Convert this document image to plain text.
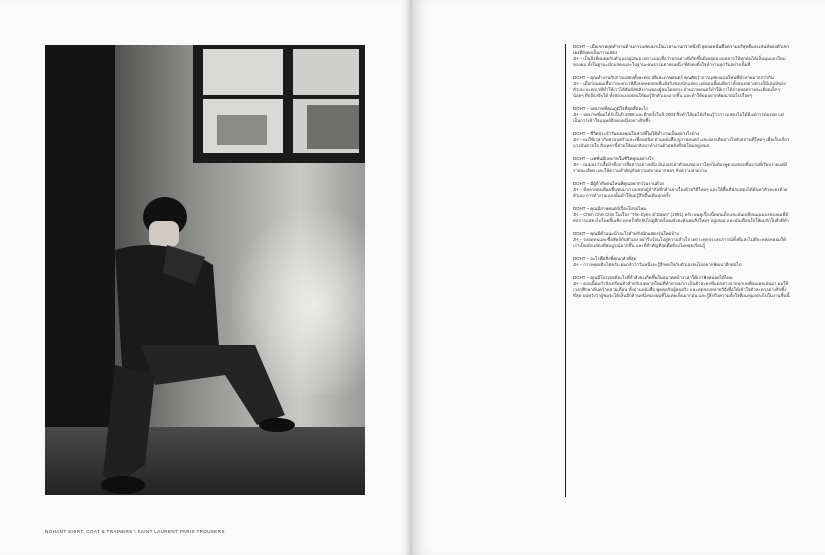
NOHANT SHIRT, COAT & TRAINERS \ SAINT LAURENT PARIS TROUSERS

DOHT – เมื่อเขาหยุดทำงานด้านการแสดงมาเป็นเวลานานกว่าหนึ่งปี สุดยอดนั้นคือความบริสุทธิ์และเสน่ห์ของตัวเขาเองที่ยังคงเป็นการแสดง

JH – เป็นสิ่งที่ผมคุยกับตัวเองอยู่เสมอ เพราะผมเชื่อว่าทุกอย่างที่เกิดขึ้นมีเหตุผล ผมอยากให้ทุกคนได้เห็นมุมมองใหม่ของผม ทั้งในฐานะนักแสดงและในฐานะคนธรรมดาคนหนึ่ง ที่ยังคงตั้งใจทำงานทุกวันอย่างเต็มที่

DOHT – คุณทำงานกับการแสดงทั้งละครเวทีและภาพยนตร์ คุณคิดว่าการแสดงแบบไหนที่ท้าทายมากกว่ากัน

JH – เมื่อก่อนผมเชื่อว่าละครเวทีคือบททดสอบที่แท้จริงของนักแสดง แต่ตอนนี้ผมคิดว่าทั้งสองอย่างต่างก็มีเสน่ห์ของตัวเอง ละครเวทีทำให้เราได้สัมผัสพลังงานของผู้ชมโดยตรง ส่วนภาพยนตร์ทำให้เราได้ถ่ายทอดรายละเอียดเล็กๆ น้อยๆ ที่กล้องจับได้ ทั้งสองแบบสอนให้ผมรู้จักตัวเองมากขึ้น และทำให้ผมอยากพัฒนาต่อไปเรื่อยๆ

DOHT – บทบาทที่คุณภูมิใจที่สุดคืออะไร

JH – บทบาทที่ผมได้รับในปี 1998 และอีกครั้งในปี 2003 ซึ่งทำให้ผมได้เรียนรู้ว่าการแสดงไม่ได้มีแค่การท่องบท แต่เป็นการเข้าใจมนุษย์อีกคนหนึ่งอย่างลึกซึ้ง

DOHT – ชีวิตประจำวันของคุณในช่วงที่ไม่ได้ทำงานเป็นอย่างไรบ้าง

JH – ผมใช้เวลากับครอบครัวและเพื่อนสนิท อ่านหนังสือ ดูภาพยนตร์ และออกเดินทางไปยังสถานที่ใหม่ๆ เพื่อเก็บเกี่ยวแรงบันดาลใจ สิ่งเหล่านี้ช่วยให้ผมกลับมาทำงานด้วยพลังที่สดใหม่อยู่เสมอ

DOHT – แฟชั่นมีบทบาทในชีวิตคุณอย่างไร

JH – ผมมองว่าเสื้อผ้าคือการสื่อสารอย่างหนึ่ง มันบอกเล่าตัวตนของเราโดยไม่ต้องพูด ผมชอบชิ้นงานที่เรียบง่ายแต่มีรายละเอียด และให้ความสำคัญกับความสบายมากพอๆ กับความสวยงาม

DOHT – มีผู้กำกับคนไหนที่คุณอยากร่วมงานด้วย

JH – มีหลายคนที่ผมชื่นชมมาก ผมชอบผู้กำกับที่กล้าเล่าเรื่องด้วยวิธีใหม่ๆ และให้พื้นที่นักแสดงได้ค้นหาตัวละครด้วยตัวเอง การทำงานแบบนั้นทำให้ผมรู้สึกตื่นเต้นทุกครั้ง

DOHT – คุณมีภาพยนตร์เรื่องโปรดไหม

JH – Chen Chin Chin ในเรื่อง "The Eyes of Dawn" (1991) ครับ ผมดูเรื่องนี้ตอนเด็กและมันเปลี่ยนมุมมองของผมที่มีต่อการแสดงไปโดยสิ้นเชิง ทุกครั้งที่กลับไปดูอีกครั้งผมยังคงค้นพบสิ่งใหม่ๆ อยู่เสมอ และมันเตือนใจให้ผมรักในสิ่งที่ทำ

DOHT – คุณมีคำแนะนำอะไรสำหรับนักแสดงรุ่นใหม่บ้าง

JH – จงอดทนและซื่อสัตย์กับตัวเอง อย่ารีบร้อนไปสู่ความสำเร็จ เพราะทุกประสบการณ์ทั้งดีและไม่ดีจะหล่อหลอมให้เราเป็นนักแสดงที่สมบูรณ์มากขึ้น และที่สำคัญที่สุดคือต้องไม่หยุดเรียนรู้

DOHT – อะไรคือสิ่งที่คุณกลัวที่สุด

JH – การหยุดเติบโตครับ ผมกลัวว่าวันหนึ่งจะรู้สึกพอใจกับตัวเองจนไม่อยากพัฒนาอีกต่อไป

DOHT – คุณมีโปรเจกต์อะไรที่กำลังจะเกิดขึ้นในอนาคตบ้าง เล่าให้เราฟังหน่อยได้ไหม

JH – ตอนนี้ผมกำลังเตรียมตัวสำหรับบทบาทใหม่ที่ท้าทายมาก เป็นตัวละครที่แตกต่างจากทุกบทที่ผมเคยเล่นมา ผมใช้เวลาศึกษาค้นคว้าหลายเดือน ทั้งอ่านหนังสือ พูดคุยกับผู้คนจริง และทดลองหลายวิธีเพื่อให้เข้าใจตัวละครอย่างลึกซึ้งที่สุด ผมหวังว่าผู้ชมจะได้เห็นอีกด้านหนึ่งของผมที่ไม่เคยเห็นมาก่อน และรู้สึกถึงความตั้งใจที่ผมทุ่มเทลงไปในงานชิ้นนี้
